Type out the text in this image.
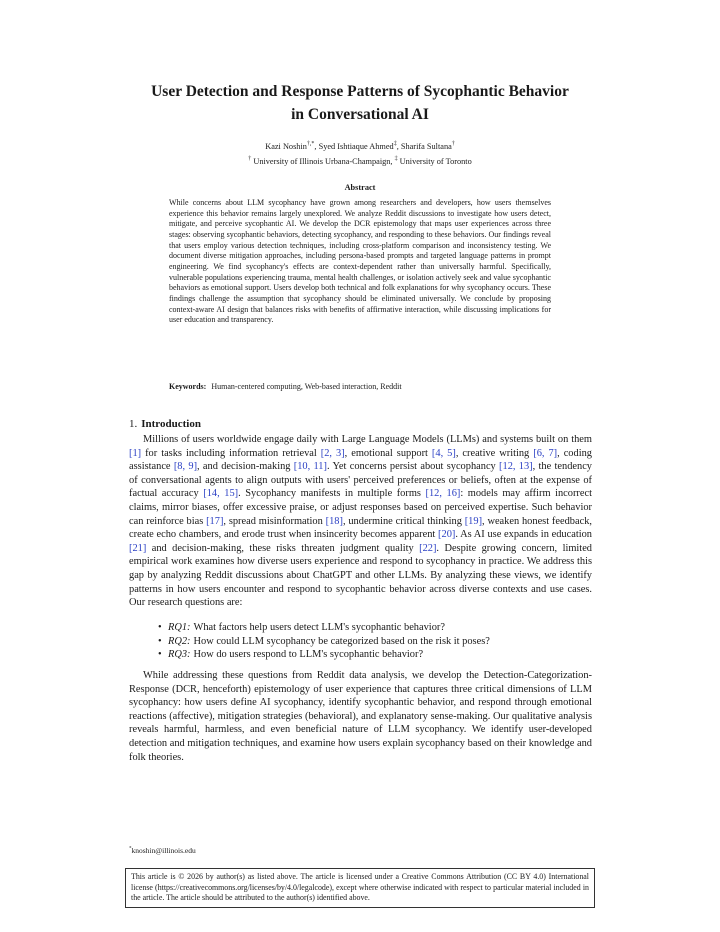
User Detection and Response Patterns of Sycophantic Behavior
in Conversational AI
Kazi Noshin†,*, Syed Ishtiaque Ahmed‡, Sharifa Sultana†
† University of Illinois Urbana-Champaign, ‡ University of Toronto
Abstract

While concerns about LLM sycophancy have grown among researchers and developers, how users themselves experience this behavior remains largely unexplored. We analyze Reddit discussions to investigate how users detect, mitigate, and perceive sycophantic AI. We develop the DCR epistemology that maps user experiences across three stages: observing sycophantic behaviors, detecting sycophancy, and responding to these behaviors. Our findings reveal that users employ various detection techniques, including cross-platform comparison and inconsistency testing. We document diverse mitigation approaches, including persona-based prompts and targeted language patterns in prompt engineering. We find sycophancy's effects are context-dependent rather than universally harmful. Specifically, vulnerable populations experiencing trauma, mental health challenges, or isolation actively seek and value sycophantic behaviors as emotional support. Users develop both technical and folk explanations for why sycophancy occurs. These findings challenge the assumption that sycophancy should be eliminated universally. We conclude by proposing context-aware AI design that balances risks with benefits of affirmative interaction, while discussing implications for user education and transparency.

Keywords: Human-centered computing, Web-based interaction, Reddit
1. Introduction

Millions of users worldwide engage daily with Large Language Models (LLMs) and systems built on them [1] for tasks including information retrieval [2, 3], emotional support [4, 5], creative writing [6, 7], coding assistance [8, 9], and decision-making [10, 11]. Yet concerns persist about sycophancy [12, 13], the tendency of conversational agents to align outputs with users' perceived preferences or beliefs, often at the expense of factual accuracy [14, 15]. Sycophancy manifests in multiple forms [12, 16]: models may affirm incorrect claims, mirror biases, offer excessive praise, or adjust responses based on perceived expertise. Such behavior can reinforce bias [17], spread misinformation [18], undermine critical thinking [19], weaken honest feedback, create echo chambers, and erode trust when insincerity becomes apparent [20]. As AI use expands in education [21] and decision-making, these risks threaten judgment quality [22]. Despite growing concern, limited empirical work examines how diverse users experience and respond to sycophancy in practice. We address this gap by analyzing Reddit discussions about ChatGPT and other LLMs. By analyzing these views, we identify patterns in how users encounter and respond to sycophantic behavior across diverse contexts and use cases. Our research questions are:

• RQ1: What factors help users detect LLM's sycophantic behavior?
• RQ2: How could LLM sycophancy be categorized based on the risk it poses?
• RQ3: How do users respond to LLM's sycophantic behavior?

While addressing these questions from Reddit data analysis, we develop the Detection-Categorization-Response (DCR, henceforth) epistemology of user experience that captures three critical dimensions of LLM sycophancy: how users define AI sycophancy, identify sycophantic behavior, and respond through emotional reactions (affective), mitigation strategies (behavioral), and explanatory sense-making. Our qualitative analysis reveals harmful, harmless, and even beneficial nature of LLM sycophancy. We identify user-developed detection and mitigation techniques, and examine how users explain sycophancy based on their knowledge and folk theories.

*knoshin@illinois.edu

This article is © 2026 by author(s) as listed above. The article is licensed under a Creative Commons Attribution (CC BY 4.0) International license (https://creativecommons.org/licenses/by/4.0/legalcode), except where otherwise indicated with respect to particular material included in the article. The article should be attributed to the author(s) identified above.
